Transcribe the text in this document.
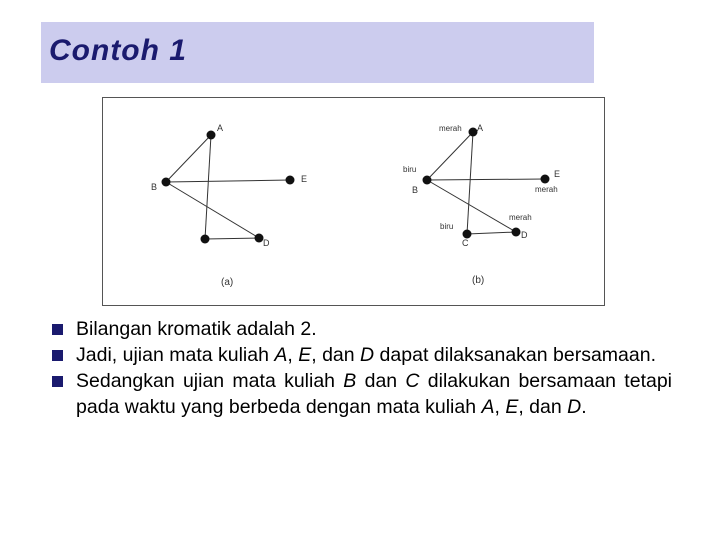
Contoh 1
A
B
E
D
(a)
A
B
E
C
D
merah
biru
merah
biru
merah
(b)
Bilangan kromatik adalah 2.
Jadi, ujian mata kuliah A, E, dan D dapat dilaksanakan bersamaan.
Sedangkan ujian mata kuliah B dan C dilakukan bersamaan tetapi pada waktu yang berbeda dengan mata kuliah A, E, dan D.
